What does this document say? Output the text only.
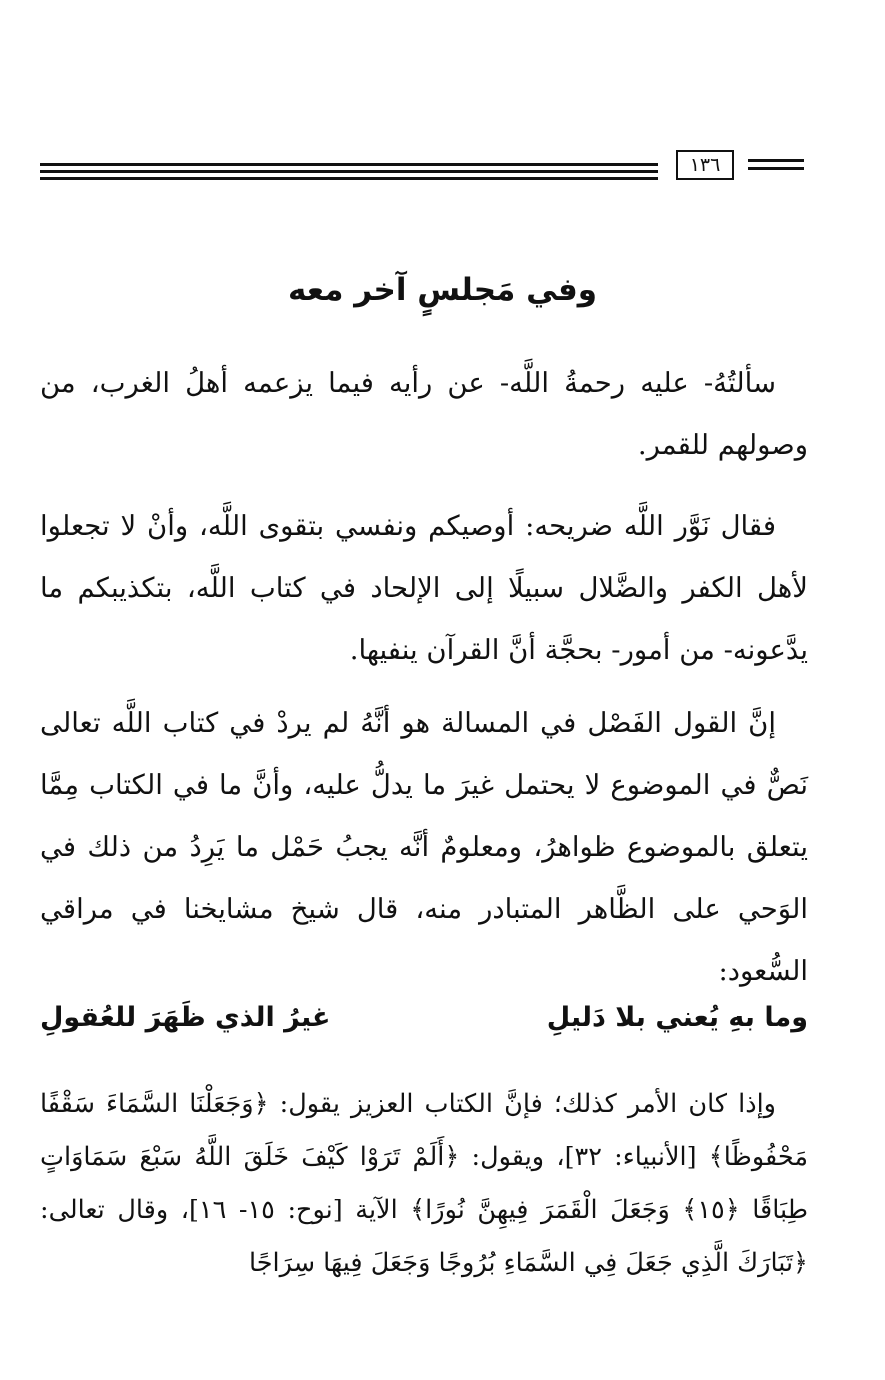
١٣٦
وفي مَجلسٍ آخر معه
سألتُهُ- عليه رحمةُ اللَّه- عن رأيه فيما يزعمه أهلُ الغرب، من وصولهم للقمر.
فقال نَوَّر اللَّه ضريحه: أوصيكم ونفسي بتقوى اللَّه، وأنْ لا تجعلوا لأهل الكفر والضَّلال سبيلًا إلى الإلحاد في كتاب اللَّه، بتكذيبكم ما يدَّعونه- من أمور- بحجَّة أنَّ القرآن ينفيها.
إنَّ القول الفَصْل في المسالة هو أنَّهُ لم يردْ في كتاب اللَّه تعالى نَصٌّ في الموضوع لا يحتمل غيرَ ما يدلُّ عليه، وأنَّ ما في الكتاب مِمَّا يتعلق بالموضوع ظواهرُ، ومعلومٌ أنَّه يجبُ حَمْل ما يَرِدُ من ذلك في الوَحي على الظَّاهر المتبادر منه، قال شيخ مشايخنا في مراقي السُّعود:
وما بهِ يُعني بلا دَليلِ
غيرُ الذي ظَهَرَ للعُقولِ
وإذا كان الأمر كذلك؛ فإنَّ الكتاب العزيز يقول: ﴿وَجَعَلْنَا السَّمَاءَ سَقْفًا مَحْفُوظًا﴾ [الأنبياء: ٣٢]، ويقول: ﴿أَلَمْ تَرَوْا كَيْفَ خَلَقَ اللَّهُ سَبْعَ سَمَاوَاتٍ طِبَاقًا ﴿١٥﴾ وَجَعَلَ الْقَمَرَ فِيهِنَّ نُورًا﴾ الآية [نوح: ١٥- ١٦]، وقال تعالى: ﴿تَبَارَكَ الَّذِي جَعَلَ فِي السَّمَاءِ بُرُوجًا وَجَعَلَ فِيهَا سِرَاجًا
